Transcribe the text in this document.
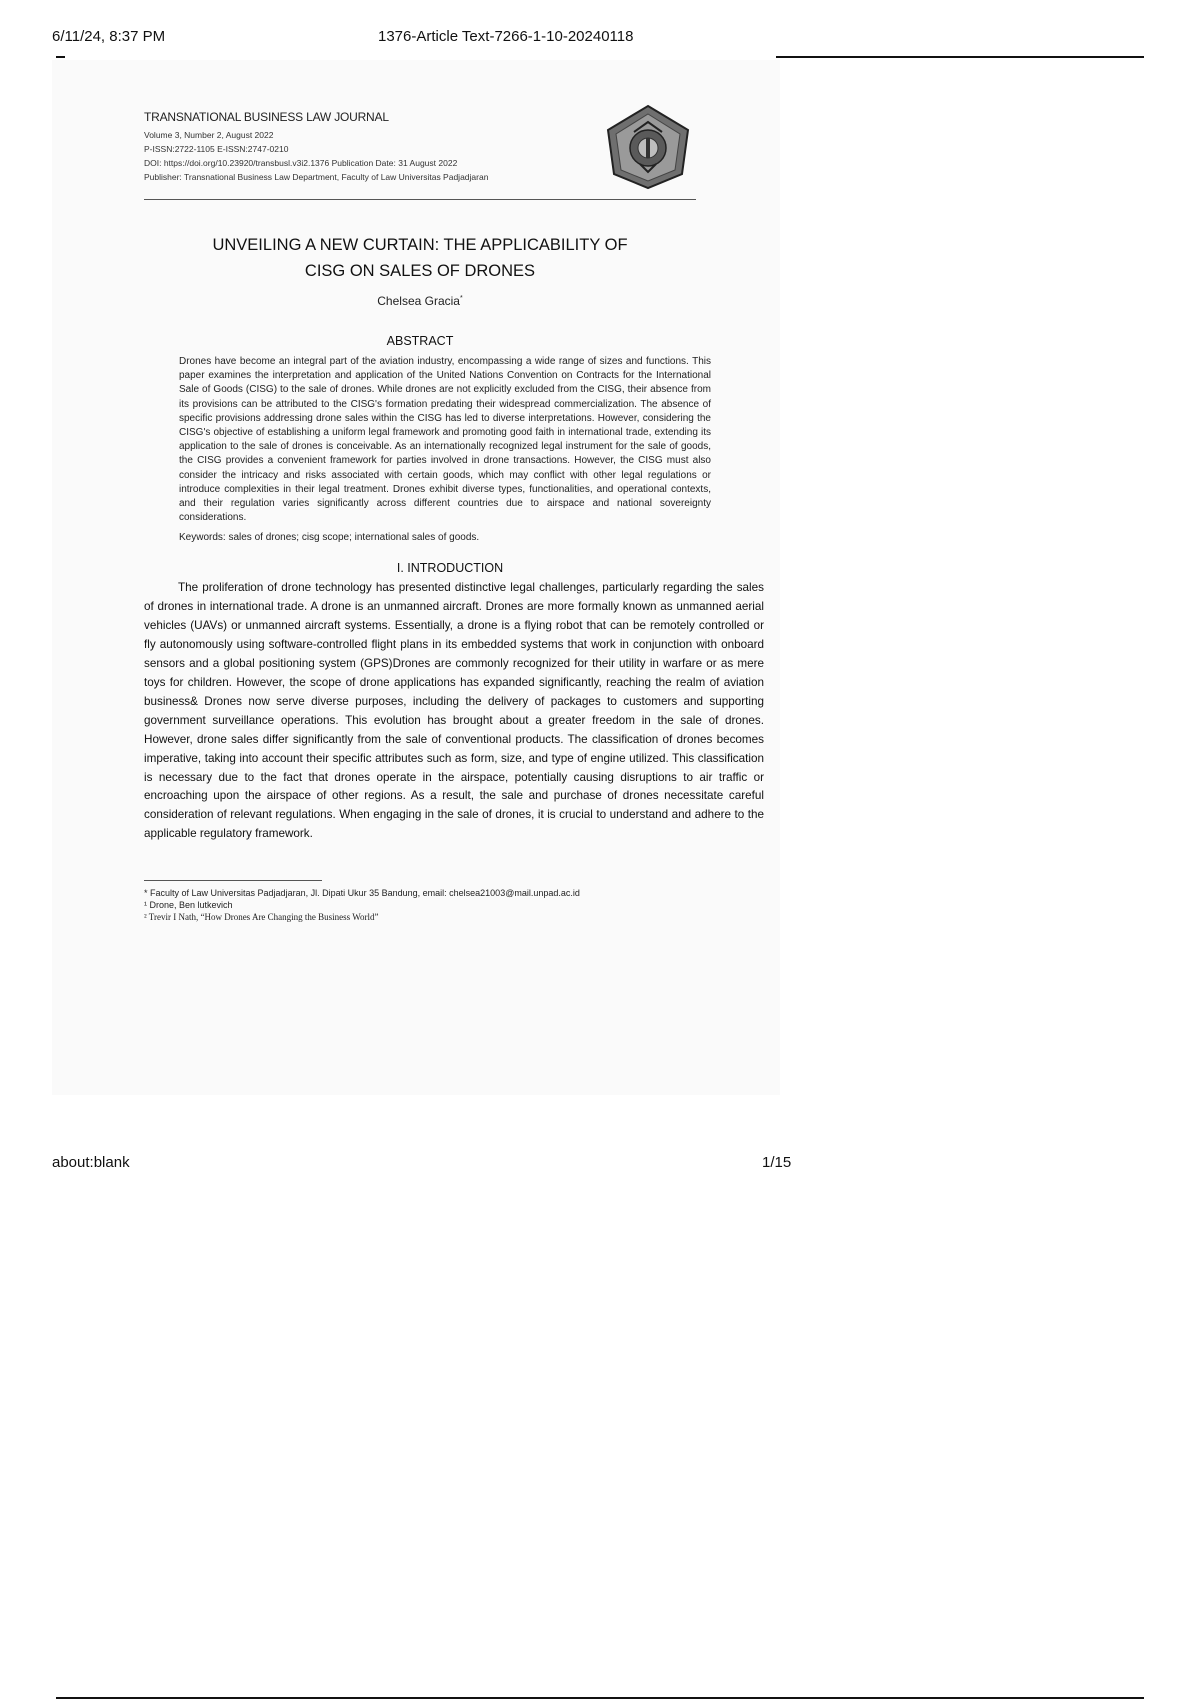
6/11/24, 8:37 PM	1376-Article Text-7266-1-10-20240118
TRANSNATIONAL BUSINESS LAW JOURNAL
Volume 3, Number 2, August 2022
P-ISSN:2722-1105 E-ISSN:2747-0210
DOI: https://doi.org/10.23920/transbusl.v3i2.1376 Publication Date: 31 August 2022
Publisher: Transnational Business Law Department, Faculty of Law Universitas Padjadjaran
UNVEILING A NEW CURTAIN: THE APPLICABILITY OF
CISG ON SALES OF DRONES
Chelsea Gracia*
ABSTRACT
Drones have become an integral part of the aviation industry, encompassing a wide range of sizes and functions. This paper examines the interpretation and application of the United Nations Convention on Contracts for the International Sale of Goods (CISG) to the sale of drones. While drones are not explicitly excluded from the CISG, their absence from its provisions can be attributed to the CISG's formation predating their widespread commercialization. The absence of specific provisions addressing drone sales within the CISG has led to diverse interpretations. However, considering the CISG's objective of establishing a uniform legal framework and promoting good faith in international trade, extending its application to the sale of drones is conceivable. As an internationally recognized legal instrument for the sale of goods, the CISG provides a convenient framework for parties involved in drone transactions. However, the CISG must also consider the intricacy and risks associated with certain goods, which may conflict with other legal regulations or introduce complexities in their legal treatment. Drones exhibit diverse types, functionalities, and operational contexts, and their regulation varies significantly across different countries due to airspace and national sovereignty considerations.
Keywords: sales of drones; cisg scope; international sales of goods.
I. INTRODUCTION
The proliferation of drone technology has presented distinctive legal challenges, particularly regarding the sales of drones in international trade. A drone is an unmanned aircraft. Drones are more formally known as unmanned aerial vehicles (UAVs) or unmanned aircraft systems. Essentially, a drone is a flying robot that can be remotely controlled or fly autonomously using software-controlled flight plans in its embedded systems that work in conjunction with onboard sensors and a global positioning system (GPS)Drones are commonly recognized for their utility in warfare or as mere toys for children. However, the scope of drone applications has expanded significantly, reaching the realm of aviation business& Drones now serve diverse purposes, including the delivery of packages to customers and supporting government surveillance operations. This evolution has brought about a greater freedom in the sale of drones. However, drone sales differ significantly from the sale of conventional products. The classification of drones becomes imperative, taking into account their specific attributes such as form, size, and type of engine utilized. This classification is necessary due to the fact that drones operate in the airspace, potentially causing disruptions to air traffic or encroaching upon the airspace of other regions. As a result, the sale and purchase of drones necessitate careful consideration of relevant regulations. When engaging in the sale of drones, it is crucial to understand and adhere to the applicable regulatory framework.
* Faculty of Law Universitas Padjadjaran, Jl. Dipati Ukur 35 Bandung, email: chelsea21003@mail.unpad.ac.id
¹ Drone, Ben lutkevich
² Trevir I Nath, “How Drones Are Changing the Business World”
about:blank	1/15
